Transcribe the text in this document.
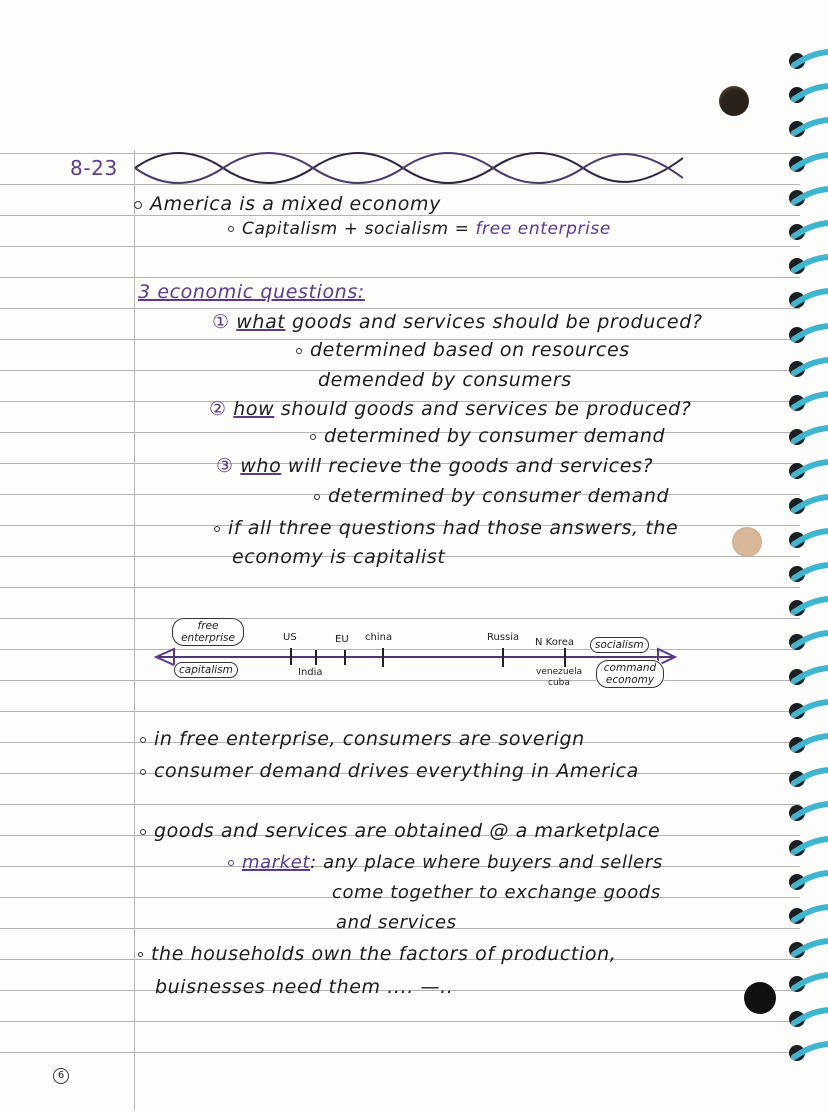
8-23
America is a mixed economy
Capitalism + socialism = free enterprise
3 economic questions:
① what goods and services should be produced?
determined based on resources
demended by consumers
② how should goods and services be produced?
determined by consumer demand
③ who will recieve the goods and services?
determined by consumer demand
if all three questions had those answers, the
economy is capitalist
free enterprise
capitalism
socialism
command economy
US	EU china	Russia N Korea
India	venezuela
cuba
in free enterprise, consumers are soverign
consumer demand drives everything in America
goods and services are obtained @ a marketplace
market: any place where buyers and sellers
come together to exchange goods
and services
the households own the factors of production,
buisnesses need them .... —..
6
